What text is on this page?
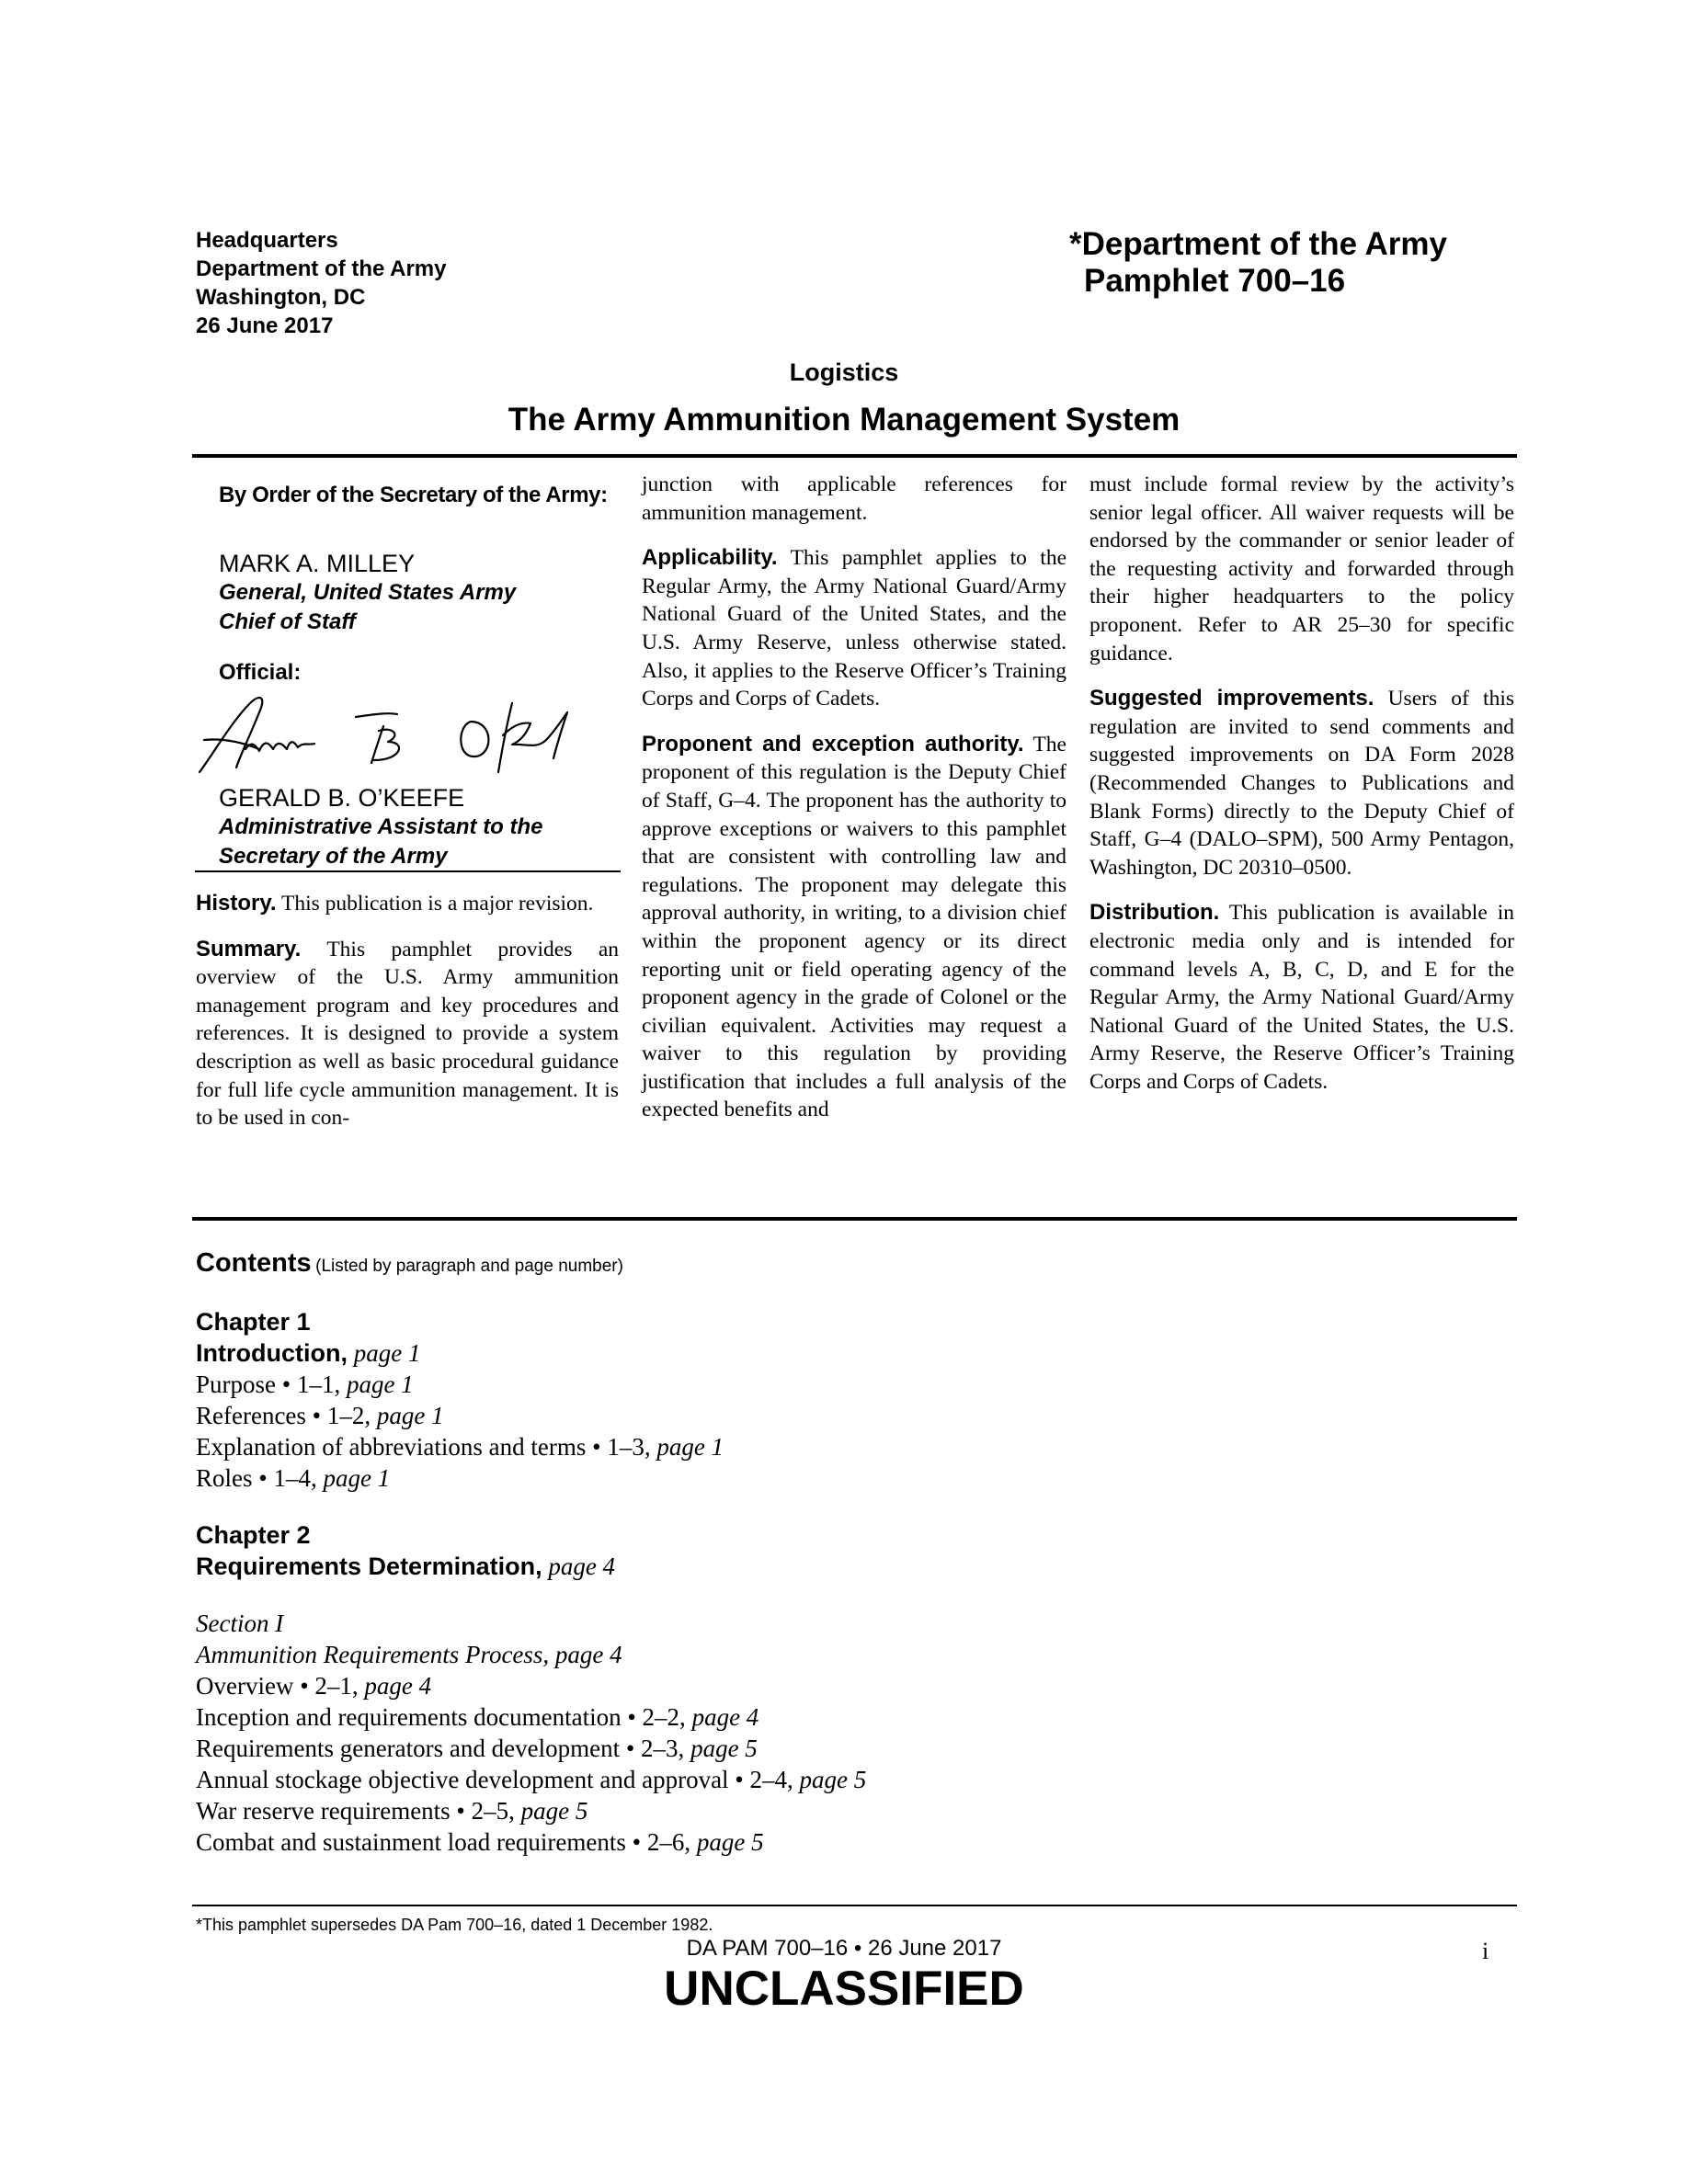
Headquarters
Department of the Army
Washington, DC
26 June 2017
*Department of the Army
Pamphlet 700–16
Logistics
The Army Ammunition Management System
By Order of the Secretary of the Army:
MARK A. MILLEY
General, United States Army
Chief of Staff
Official:
GERALD B. O’KEEFE
Administrative Assistant to the
Secretary of the Army

History. This publication is a major revision.

Summary. This pamphlet provides an overview of the U.S. Army ammunition management program and key procedures and references. It is designed to provide a system description as well as basic procedural guidance for full life cycle ammunition management. It is to be used in con-

junction with applicable references for ammunition management.

Applicability. This pamphlet applies to the Regular Army, the Army National Guard/Army National Guard of the United States, and the U.S. Army Reserve, unless otherwise stated. Also, it applies to the Reserve Officer’s Training Corps and Corps of Cadets.

Proponent and exception authority. The proponent of this regulation is the Deputy Chief of Staff, G–4. The proponent has the authority to approve exceptions or waivers to this pamphlet that are consistent with controlling law and regulations. The proponent may delegate this approval authority, in writing, to a division chief within the proponent agency or its direct reporting unit or field operating agency of the proponent agency in the grade of Colonel or the civilian equivalent. Activities may request a waiver to this regulation by providing justification that includes a full analysis of the expected benefits and

must include formal review by the activity’s senior legal officer. All waiver requests will be endorsed by the commander or senior leader of the requesting activity and forwarded through their higher headquarters to the policy proponent. Refer to AR 25–30 for specific guidance.

Suggested improvements. Users of this regulation are invited to send comments and suggested improvements on DA Form 2028 (Recommended Changes to Publications and Blank Forms) directly to the Deputy Chief of Staff, G–4 (DALO–SPM), 500 Army Pentagon, Washington, DC 20310–0500.

Distribution. This publication is available in electronic media only and is intended for command levels A, B, C, D, and E for the Regular Army, the Army National Guard/Army National Guard of the United States, the U.S. Army Reserve, the Reserve Officer’s Training Corps and Corps of Cadets.

Contents (Listed by paragraph and page number)
Chapter 1
Introduction, page 1
Purpose • 1–1, page 1
References • 1–2, page 1
Explanation of abbreviations and terms • 1–3, page 1
Roles • 1–4, page 1
Chapter 2
Requirements Determination, page 4
Section I
Ammunition Requirements Process, page 4
Overview • 2–1, page 4
Inception and requirements documentation • 2–2, page 4
Requirements generators and development • 2–3, page 5
Annual stockage objective development and approval • 2–4, page 5
War reserve requirements • 2–5, page 5
Combat and sustainment load requirements • 2–6, page 5
*This pamphlet supersedes DA Pam 700–16, dated 1 December 1982.
DA PAM 700–16 • 26 June 2017	i
UNCLASSIFIED
